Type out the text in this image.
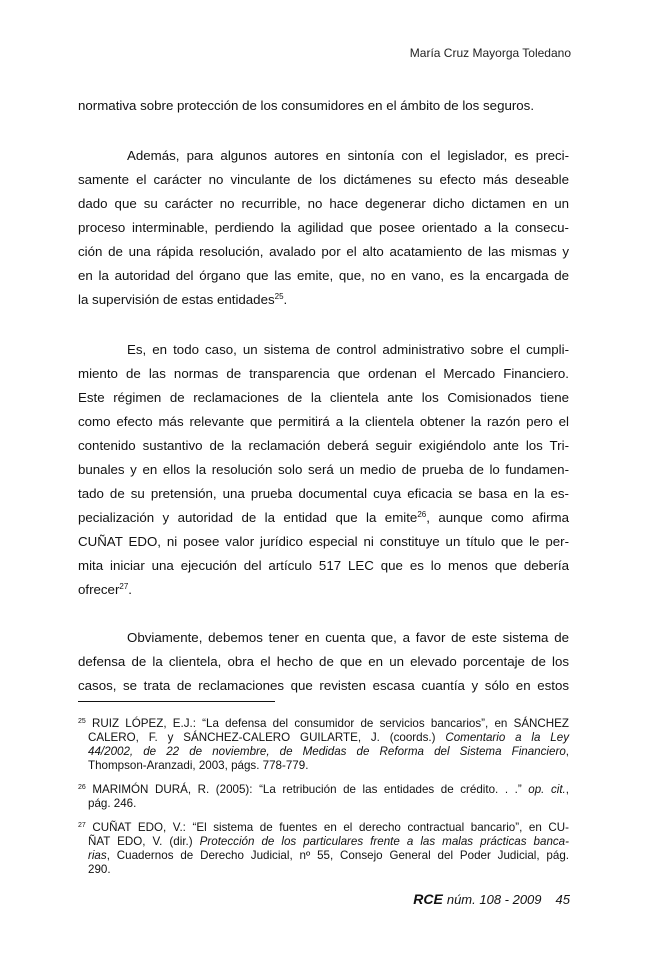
María Cruz Mayorga Toledano
normativa sobre protección de los consumidores en el ámbito de los seguros.
Además, para algunos autores en sintonía con el legislador, es preci-
samente el carácter no vinculante de los dictámenes su efecto más deseable
dado que su carácter no recurrible, no hace degenerar dicho dictamen en un
proceso interminable, perdiendo la agilidad que posee orientado a la consecu-
ción de una rápida resolución, avalado por el alto acatamiento de las mismas y
en la autoridad del órgano que las emite, que, no en vano, es la encargada de
la supervisión de estas entidades$^{25}$.
Es, en todo caso, un sistema de control administrativo sobre el cumpli-
miento de las normas de transparencia que ordenan el Mercado Financiero.
Este régimen de reclamaciones de la clientela ante los Comisionados tiene
como efecto más relevante que permitirá a la clientela obtener la razón pero el
contenido sustantivo de la reclamación deberá seguir exigiéndolo ante los Tri-
bunales y en ellos la resolución solo será un medio de prueba de lo fundamen-
tado de su pretensión, una prueba documental cuya eficacia se basa en la es-
pecialización y autoridad de la entidad que la emite$^{26}$, aunque como afirma
CUÑAT EDO, ni posee valor jurídico especial ni constituye un título que le per-
mita iniciar una ejecución del artículo 517 LEC que es lo menos que debería
ofrecer$^{27}$.
Obviamente, debemos tener en cuenta que, a favor de este sistema de
defensa de la clientela, obra el hecho de que en un elevado porcentaje de los
casos, se trata de reclamaciones que revisten escasa cuantía y sólo en estos
$^{25}$ RUIZ LÓPEZ, E.J.: “La defensa del consumidor de servicios bancarios”, en SÁNCHEZ
CALERO, F. y SÁNCHEZ-CALERO GUILARTE, J. (coords.) Comentario a la Ley
44/2002, de 22 de noviembre, de Medidas de Reforma del Sistema Financiero,
Thompson-Aranzadi, 2003, págs. 778-779.
$^{26}$ MARIMÓN DURÁ, R. (2005): “La retribución de las entidades de crédito. . .” op. cit.,
pág. 246.
$^{27}$ CUÑAT EDO, V.: “El sistema de fuentes en el derecho contractual bancario”, en CU-
ÑAT EDO, V. (dir.) Protección de los particulares frente a las malas prácticas banca-
rias, Cuadernos de Derecho Judicial, nº 55, Consejo General del Poder Judicial, pág.
290.
RCE núm. 108 - 2009 45
